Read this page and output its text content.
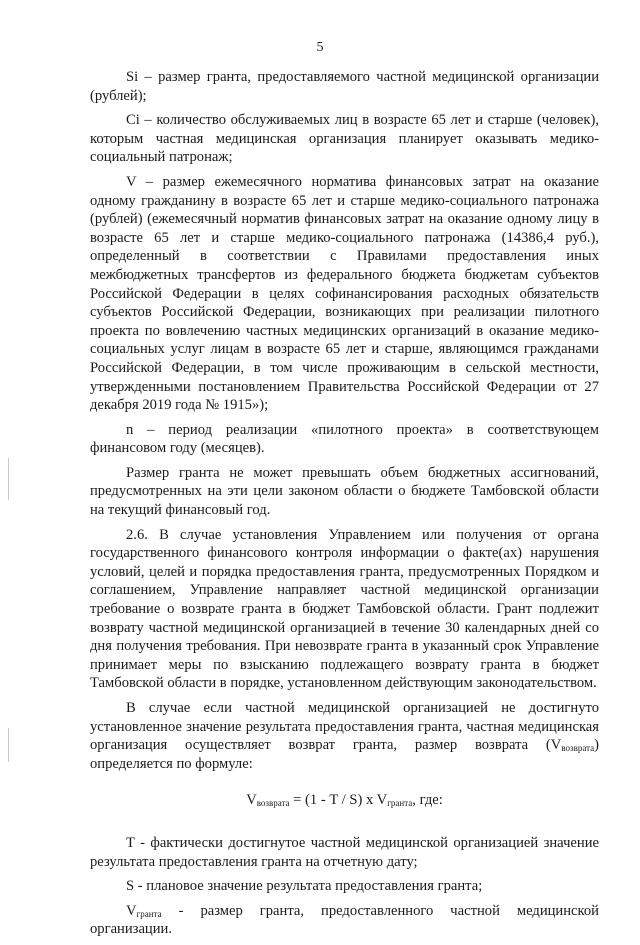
5

Si – размер гранта, предоставляемого частной медицинской организации (рублей);

Ci – количество обслуживаемых лиц в возрасте 65 лет и старше (человек), которым частная медицинская организация планирует оказывать медико-социальный патронаж;

V – размер ежемесячного норматива финансовых затрат на оказание одному гражданину в возрасте 65 лет и старше медико-социального патронажа (рублей) (ежемесячный норматив финансовых затрат на оказание одному лицу в возрасте 65 лет и старше медико-социального патронажа (14386,4 руб.), определенный в соответствии с Правилами предоставления иных межбюджетных трансфертов из федерального бюджета бюджетам субъектов Российской Федерации в целях софинансирования расходных обязательств субъектов Российской Федерации, возникающих при реализации пилотного проекта по вовлечению частных медицинских организаций в оказание медико-социальных услуг лицам в возрасте 65 лет и старше, являющимся гражданами Российской Федерации, в том числе проживающим в сельской местности, утвержденными постановлением Правительства Российской Федерации от 27 декабря 2019 года № 1915»);

n – период реализации «пилотного проекта» в соответствующем финансовом году (месяцев).

Размер гранта не может превышать объем бюджетных ассигнований, предусмотренных на эти цели законом области о бюджете Тамбовской области на текущий финансовый год.

2.6. В случае установления Управлением или получения от органа государственного финансового контроля информации о факте(ах) нарушения условий, целей и порядка предоставления гранта, предусмотренных Порядком и соглашением, Управление направляет частной медицинской организации требование о возврате гранта в бюджет Тамбовской области. Грант подлежит возврату частной медицинской организацией в течение 30 календарных дней со дня получения требования. При невозврате гранта в указанный срок Управление принимает меры по взысканию подлежащего возврату гранта в бюджет Тамбовской области в порядке, установленном действующим законодательством.

В случае если частной медицинской организацией не достигнуто установленное значение результата предоставления гранта, частная медицинская организация осуществляет возврат гранта, размер возврата $(V_{возврата})$ определяется по формуле:

$V_{возврата} = (1 - T / S)$ x $V_{гранта}$, где:

T - фактически достигнутое частной медицинской организацией значение результата предоставления гранта на отчетную дату;

S - плановое значение результата предоставления гранта;

$V_{гранта}$ - размер гранта, предоставленного частной медицинской организации.
